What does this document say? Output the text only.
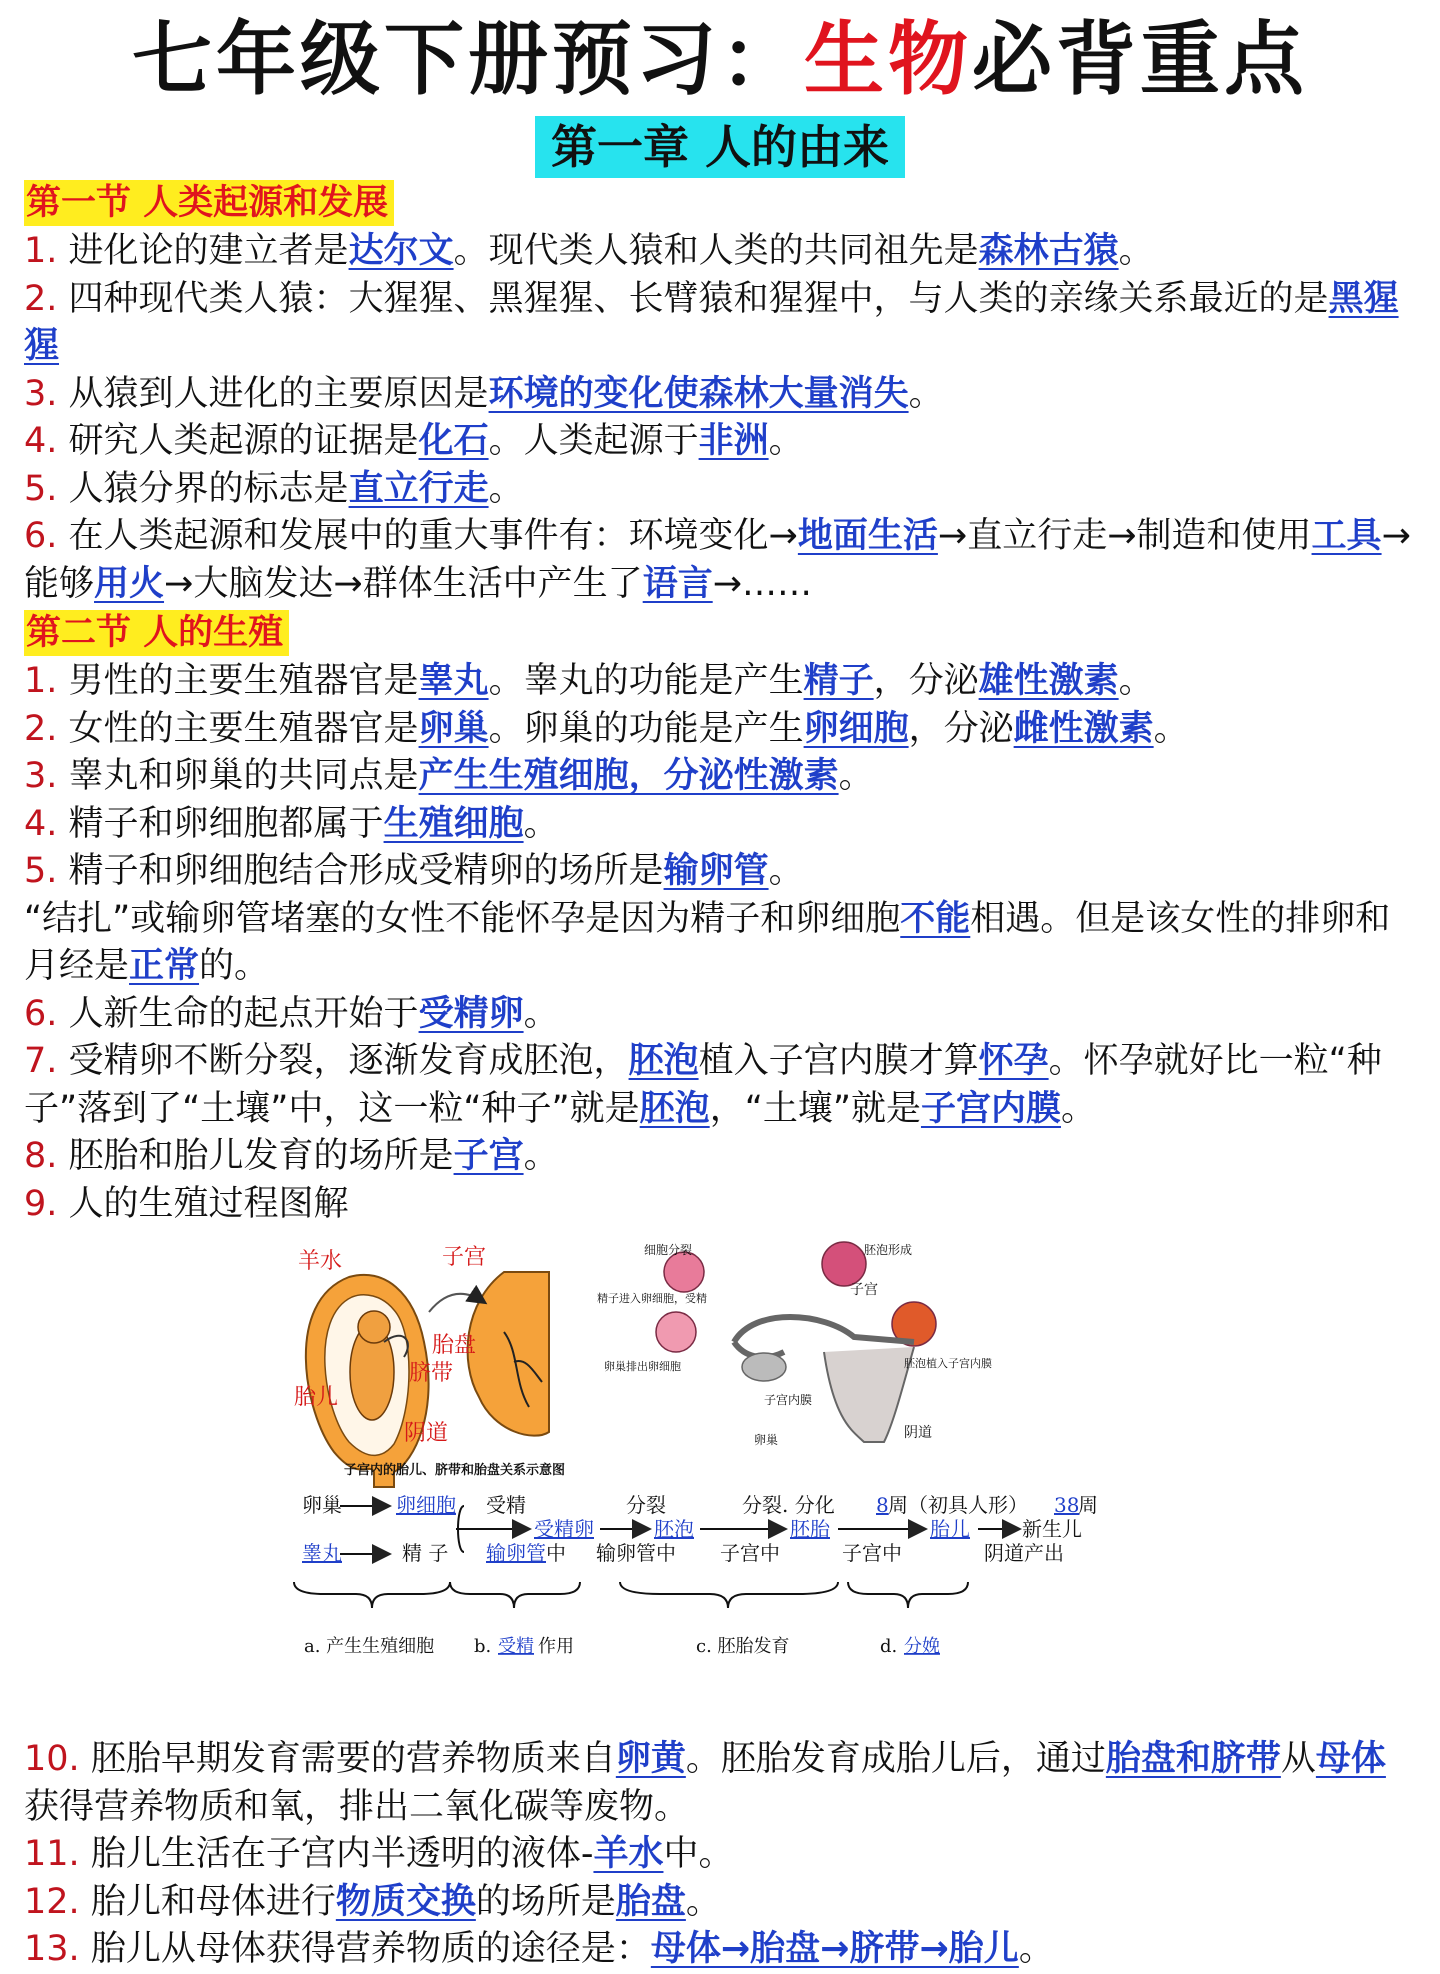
七年级下册预习：生物必背重点
第一章 人的由来
第一节 人类起源和发展

1. 进化论的建立者是达尔文。现代类人猿和人类的共同祖先是森林古猿。

2. 四种现代类人猿：大猩猩、黑猩猩、长臂猿和猩猩中，与人类的亲缘关系最近的是黑猩猩

3. 从猿到人进化的主要原因是环境的变化使森林大量消失。

4. 研究人类起源的证据是化石。人类起源于非洲。

5. 人猿分界的标志是直立行走。

6. 在人类起源和发展中的重大事件有：环境变化→地面生活→直立行走→制造和使用工具→能够用火→大脑发达→群体生活中产生了语言→……

第二节 人的生殖

1. 男性的主要生殖器官是睾丸。睾丸的功能是产生精子，分泌雄性激素。

2. 女性的主要生殖器官是卵巢。卵巢的功能是产生卵细胞，分泌雌性激素。

3. 睾丸和卵巢的共同点是产生生殖细胞，分泌性激素。

4. 精子和卵细胞都属于生殖细胞。

5. 精子和卵细胞结合形成受精卵的场所是输卵管。

“结扎”或输卵管堵塞的女性不能怀孕是因为精子和卵细胞不能相遇。但是该女性的排卵和月经是正常的。

6. 人新生命的起点开始于受精卵。

7. 受精卵不断分裂，逐渐发育成胚泡，胚泡植入子宫内膜才算怀孕。怀孕就好比一粒“种子”落到了“土壤”中，这一粒“种子”就是胚泡，“土壤”就是子宫内膜。

8. 胚胎和胎儿发育的场所是子宫。

9. 人的生殖过程图解

羊水	子宫
胎盘
脐带
胎儿
阴道
子宫内的胎儿、脐带和胎盘关系示意图
细胞分裂	胚泡形成
精子进入卵细胞，受精
子宫
卵巢排出卵细胞	胚泡植入子宫内膜
子宫内膜
卵巢	阴道
卵巢	卵细胞 受精	分裂	分裂. 分化 8 周（初具人形） 38
周
受精卵	胚泡	胚胎	胎儿	新生儿
睾丸	精 子 输卵管 中 输卵管中 子宫中	子宫中	阴道产出
a. 产生生殖细胞 b. 受精 作用	c. 胚胎发育	d. 分娩

10. 胚胎早期发育需要的营养物质来自卵黄。胚胎发育成胎儿后，通过胎盘和脐带从母体获得营养物质和氧，排出二氧化碳等废物。

11. 胎儿生活在子宫内半透明的液体-羊水中。

12. 胎儿和母体进行物质交换的场所是胎盘。

13. 胎儿从母体获得营养物质的途径是：母体→胎盘→脐带→胎儿。
